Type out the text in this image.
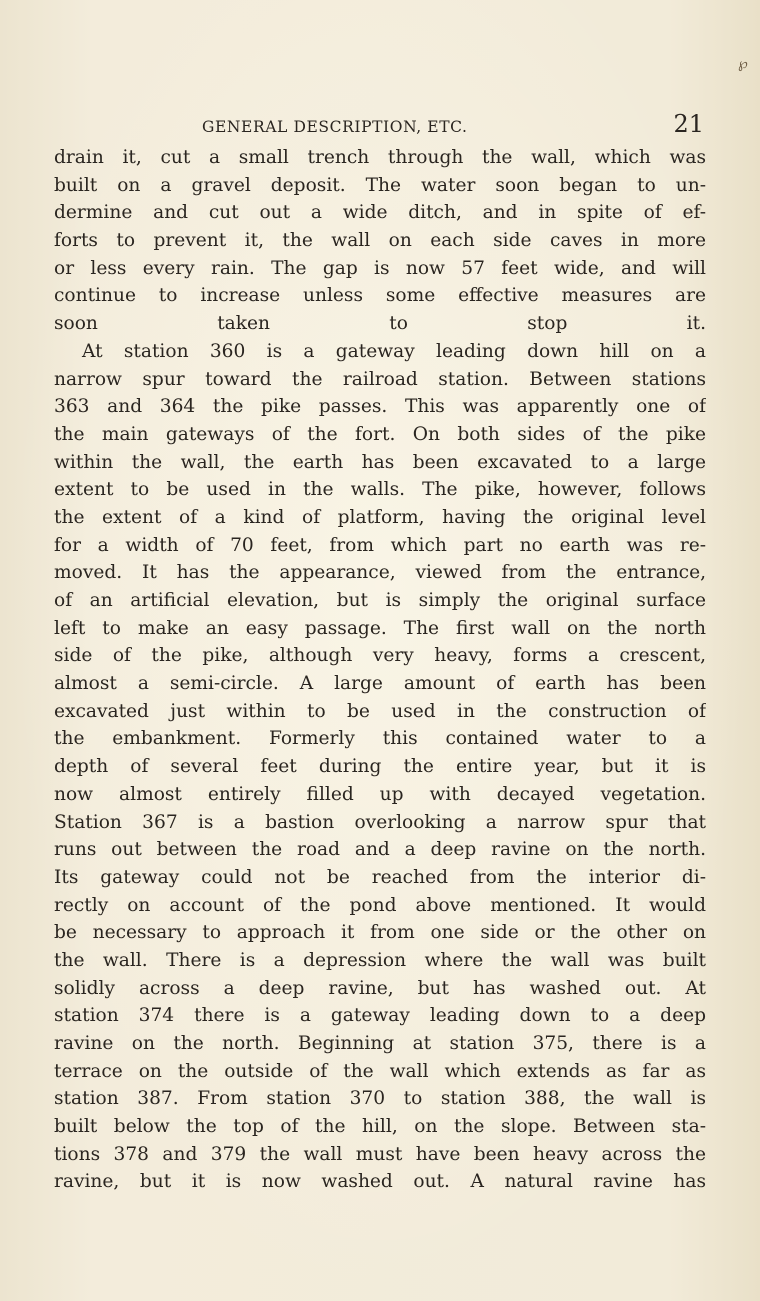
℘
GENERAL DESCRIPTION, ETC.	21
drain it, cut a small trench through the wall, which was
built on a gravel deposit. The water soon began to un-
dermine and cut out a wide ditch, and in spite of ef-
forts to prevent it, the wall on each side caves in more
or less every rain. The gap is now 57 feet wide, and will
continue to increase unless some effective measures are
soon taken to stop it.
At station 360 is a gateway leading down hill on a
narrow spur toward the railroad station. Between stations
363 and 364 the pike passes. This was apparently one of
the main gateways of the fort. On both sides of the pike
within the wall, the earth has been excavated to a large
extent to be used in the walls. The pike, however, follows
the extent of a kind of platform, having the original level
for a width of 70 feet, from which part no earth was re-
moved. It has the appearance, viewed from the entrance,
of an artificial elevation, but is simply the original surface
left to make an easy passage. The first wall on the north
side of the pike, although very heavy, forms a crescent,
almost a semi-circle. A large amount of earth has been
excavated just within to be used in the construction of
the embankment. Formerly this contained water to a
depth of several feet during the entire year, but it is
now almost entirely filled up with decayed vegetation.
Station 367 is a bastion overlooking a narrow spur that
runs out between the road and a deep ravine on the north.
Its gateway could not be reached from the interior di-
rectly on account of the pond above mentioned. It would
be necessary to approach it from one side or the other on
the wall. There is a depression where the wall was built
solidly across a deep ravine, but has washed out. At
station 374 there is a gateway leading down to a deep
ravine on the north. Beginning at station 375, there is a
terrace on the outside of the wall which extends as far as
station 387. From station 370 to station 388, the wall is
built below the top of the hill, on the slope. Between sta-
tions 378 and 379 the wall must have been heavy across the
ravine, but it is now washed out. A natural ravine has
